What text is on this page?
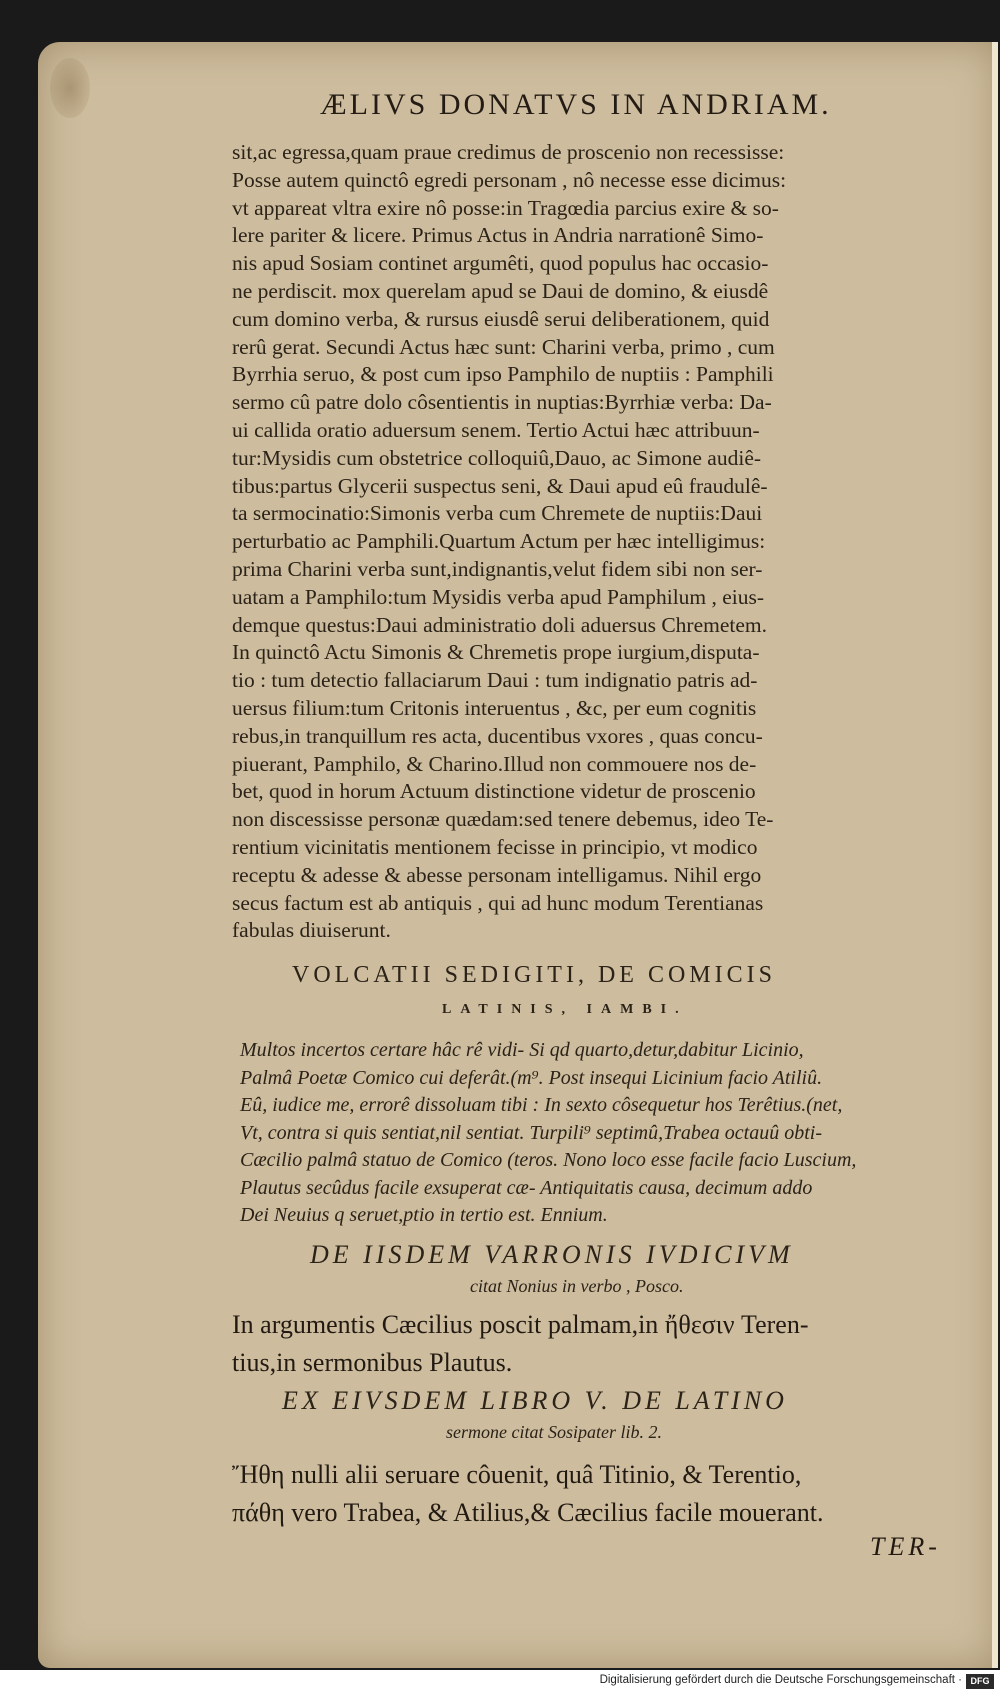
ÆLIVS DONATVS IN ANDRIAM.
sit,ac egressa,quam praue credimus de proscenio non recessisse:
Posse autem quinctô egredi personam , nô necesse esse dicimus:
vt appareat vltra exire nô posse:in Tragœdia parcius exire & so-
lere pariter & licere. Primus Actus in Andria narrationê Simo-
nis apud Sosiam continet argumêti, quod populus hac occasio-
ne perdiscit. mox querelam apud se Daui de domino, & eiusdê
cum domino verba, & rursus eiusdê serui deliberationem, quid
rerû gerat. Secundi Actus hæc sunt: Charini verba, primo , cum
Byrrhia seruo, & post cum ipso Pamphilo de nuptiis : Pamphili
sermo cû patre dolo côsentientis in nuptias:Byrrhiæ verba: Da-
ui callida oratio aduersum senem. Tertio Actui hæc attribuun-
tur:Mysidis cum obstetrice colloquiû,Dauo, ac Simone audiê-
tibus:partus Glycerii suspectus seni, & Daui apud eû fraudulê-
ta sermocinatio:Simonis verba cum Chremete de nuptiis:Daui
perturbatio ac Pamphili.Quartum Actum per hæc intelligimus:
prima Charini verba sunt,indignantis,velut fidem sibi non ser-
uatam a Pamphilo:tum Mysidis verba apud Pamphilum , eius-
demque questus:Daui administratio doli aduersus Chremetem.
In quinctô Actu Simonis & Chremetis prope iurgium,disputa-
tio : tum detectio fallaciarum Daui : tum indignatio patris ad-
uersus filium:tum Critonis interuentus , &c, per eum cognitis
rebus,in tranquillum res acta, ducentibus vxores , quas concu-
piuerant, Pamphilo, & Charino.Illud non commouere nos de-
bet, quod in horum Actuum distinctione videtur de proscenio
non discessisse personæ quædam:sed tenere debemus, ideo Te-
rentium vicinitatis mentionem fecisse in principio, vt modico
receptu & adesse & abesse personam intelligamus. Nihil ergo
secus factum est ab antiquis , qui ad hunc modum Terentianas
fabulas diuiserunt.
VOLCATII SEDIGITI, DE COMICIS
LATINIS, IAMBI.
Multos incertos certare hâc rê vidi- Si qd quarto,detur,dabitur Licinio,
Palmâ Poetæ Comico cui deferât.(m⁹. Post insequi Licinium facio Atiliû.
Eû, iudice me, errorê dissoluam tibi : In sexto côsequetur hos Terêtius.(net,
Vt, contra si quis sentiat,nil sentiat. Turpili⁹ septimû,Trabea octauû obti-
Cæcilio palmâ statuo de Comico (teros. Nono loco esse facile facio Luscium,
Plautus secûdus facile exsuperat cæ- Antiquitatis causa, decimum addo
Dei Neuius q seruet,ptio in tertio est. Ennium.
DE IISDEM VARRONIS IVDICIVM
citat Nonius in verbo , Posco.
In argumentis Cæcilius poscit palmam,in ἤθεσιν Teren-
tius,in sermonibus Plautus.
EX EIVSDEM LIBRO V. DE LATINO
sermone citat Sosipater lib. 2.
Ἤθη nulli alii seruare côuenit, quâ Titinio, & Terentio,
πάθη vero Trabea, & Atilius,& Cæcilius facile mouerant.
TER-
Digitalisierung gefördert durch die Deutsche Forschungsgemeinschaft · DFG
